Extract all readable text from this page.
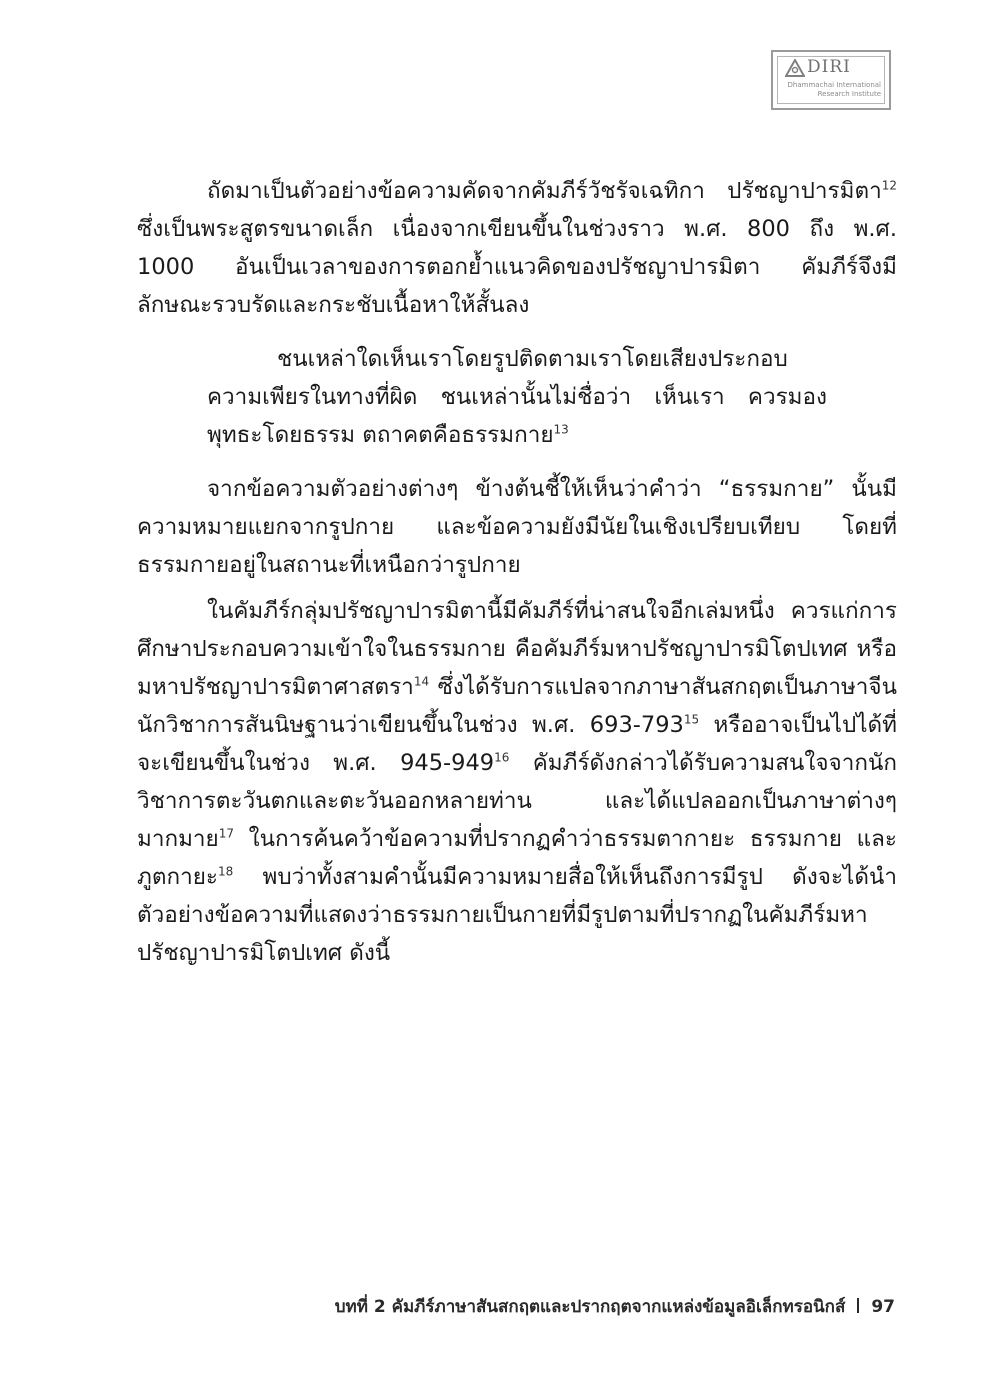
DIRI
Dhammachai International
Research Institute

ถัดมาเป็นตัวอย่างข้อความคัดจากคัมภีร์วัชรัจเฉทิกา ปรัชญาปารมิตา$^{12}$ ซึ่งเป็นพระสูตรขนาดเล็ก เนื่องจากเขียนขึ้นในช่วงราว พ.ศ. 800 ถึง พ.ศ. 1000 อันเป็นเวลาของการตอกย้ำแนวคิดของปรัชญาปารมิตา คัมภีร์จึงมีลักษณะรวบรัดและกระชับเนื้อหาให้สั้นลง

ชนเหล่าใดเห็นเราโดยรูปติดตามเราโดยเสียงประกอบความเพียรในทางที่ผิด ชนเหล่านั้นไม่ชื่อว่า เห็นเรา ควรมองพุทธะโดยธรรม ตถาคตคือธรรมกาย$^{13}$

จากข้อความตัวอย่างต่างๆ ข้างต้นชี้ให้เห็นว่าคำว่า “ธรรมกาย” นั้นมีความหมายแยกจากรูปกาย และข้อความยังมีนัยในเชิงเปรียบเทียบ โดยที่ธรรมกายอยู่ในสถานะที่เหนือกว่ารูปกาย

ในคัมภีร์กลุ่มปรัชญาปารมิตานี้มีคัมภีร์ที่น่าสนใจอีกเล่มหนึ่ง ควรแก่การศึกษาประกอบความเข้าใจในธรรมกาย คือคัมภีร์มหาปรัชญาปารมิโตปเทศ หรือมหาปรัชญาปารมิตาศาสตรา$^{14}$ ซึ่งได้รับการแปลจากภาษาสันสกฤตเป็นภาษาจีน นักวิชาการสันนิษฐานว่าเขียนขึ้นในช่วง พ.ศ. $693-793^{15}$ หรืออาจเป็นไปได้ที่จะเขียนขึ้นในช่วง พ.ศ. $945-949^{16}$ คัมภีร์ดังกล่าวได้รับความสนใจจากนักวิชาการตะวันตกและตะวันออกหลายท่าน และได้แปลออกเป็นภาษาต่างๆ มากมาย$^{17}$ ในการค้นคว้าข้อความที่ปรากฏคำว่าธรรมตากายะ ธรรมกาย และ ภูตกายะ$^{18}$ พบว่าทั้งสามคำนั้นมีความหมายสื่อให้เห็นถึงการมีรูป ดังจะได้นำตัวอย่างข้อความที่แสดงว่าธรรมกายเป็นกายที่มีรูปตามที่ปรากฏในคัมภีร์มหาปรัชญาปารมิโตปเทศ ดังนี้

บทที่ 2 คัมภีร์ภาษาสันสกฤตและปรากฤตจากแหล่งข้อมูลอิเล็กทรอนิกส์ 97
